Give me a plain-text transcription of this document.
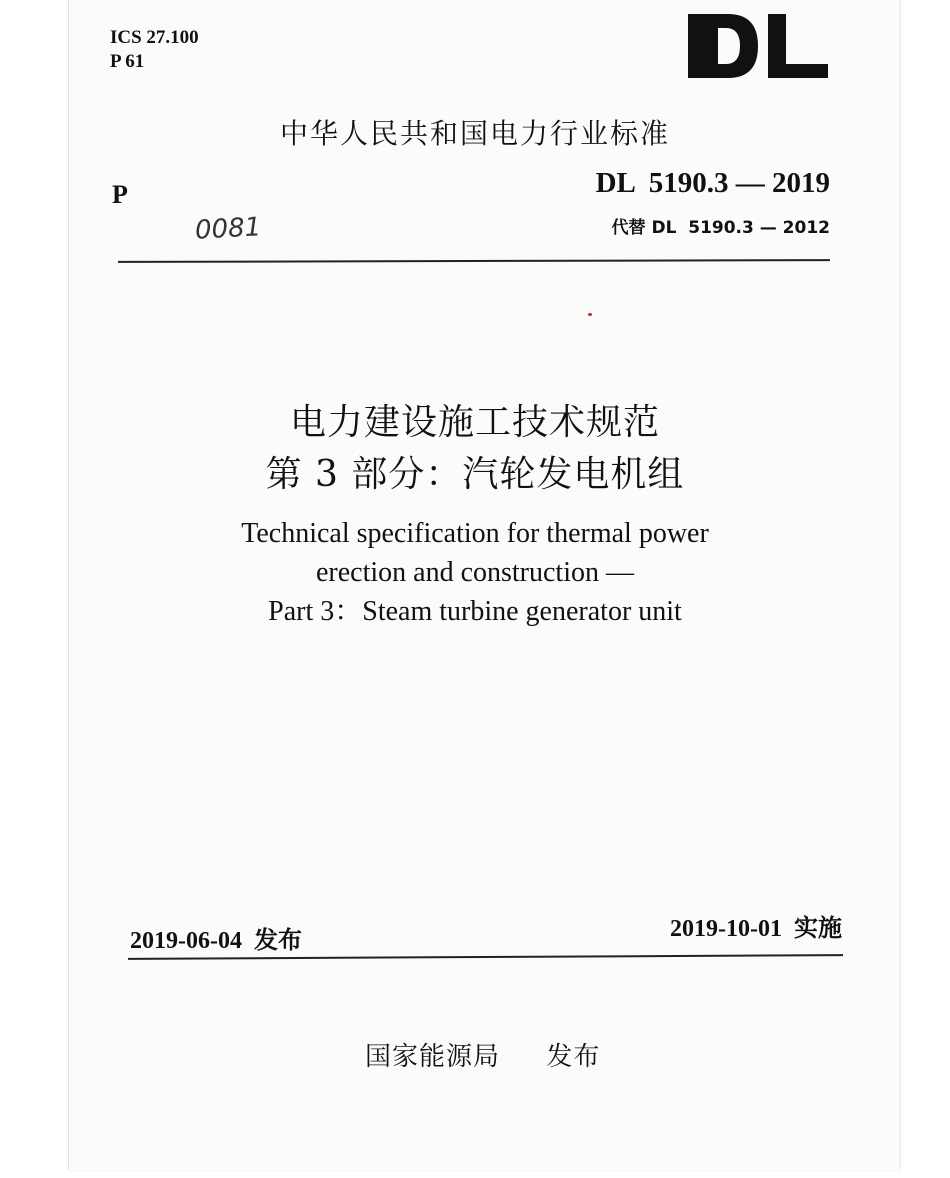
ICS 27.100
P 61
中华人民共和国电力行业标准
P	DL  5190.3 — 2019
代替 DL  5190.3 — 2012
0081
电力建设施工技术规范
第 3 部分：汽轮发电机组
Technical specification for thermal power
erection and construction —
Part 3：Steam turbine generator unit
2019-06-04  发布	2019-10-01  实施
国家能源局     发布
